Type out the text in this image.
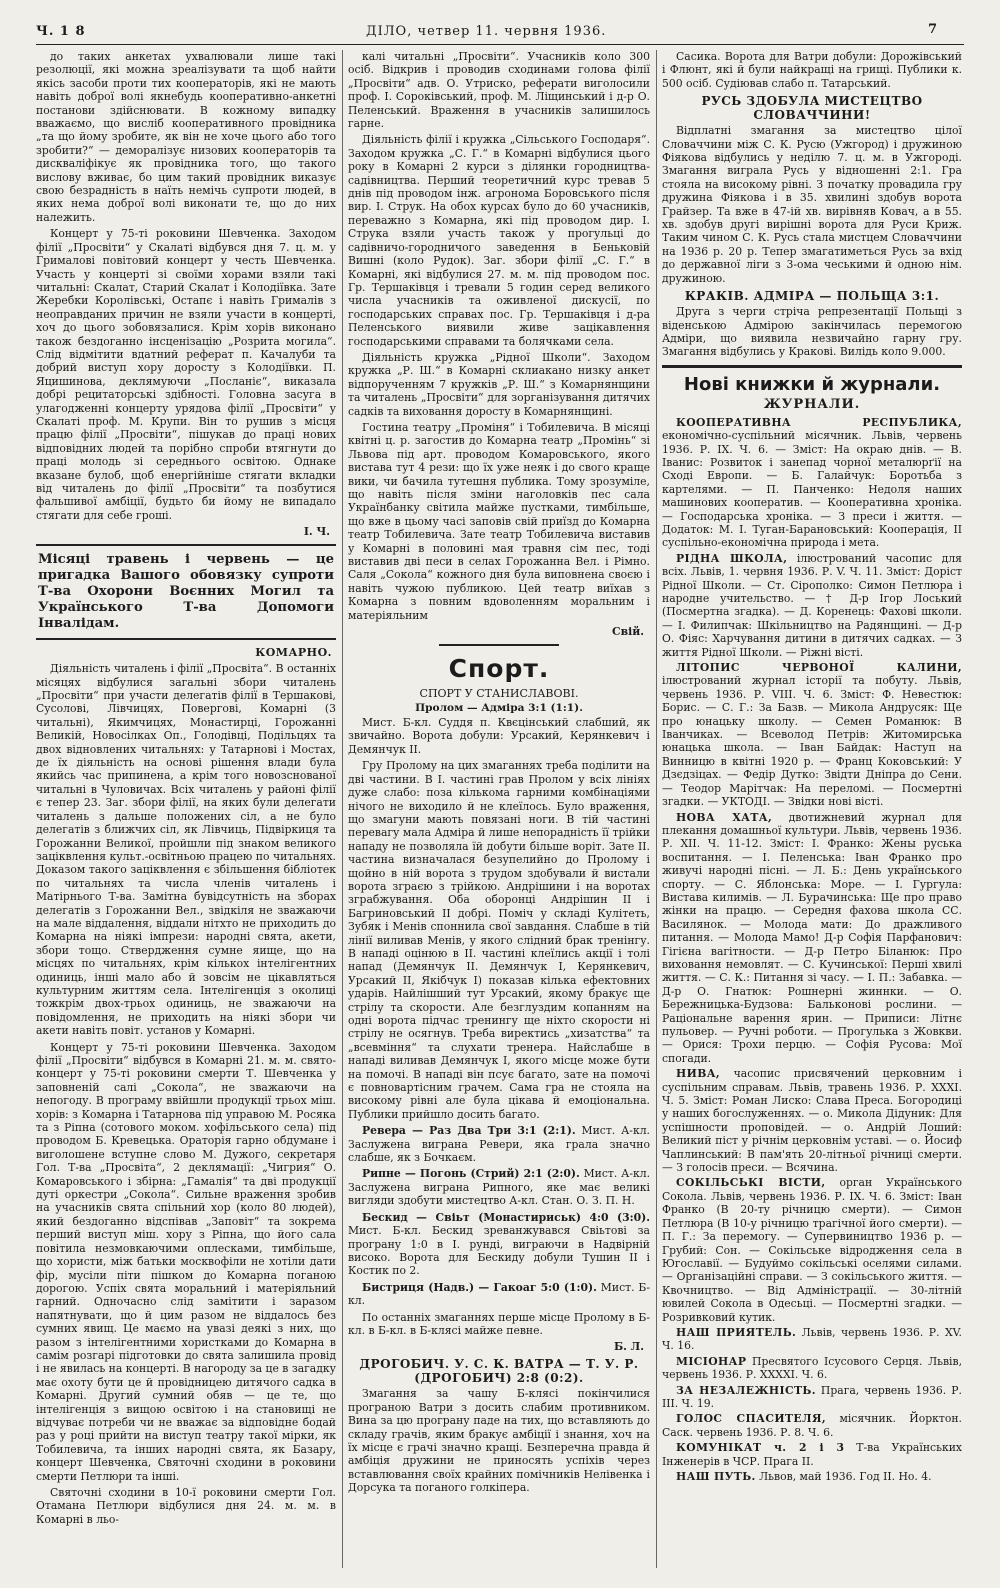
Ч. 1 8	ДІЛО, четвер 11. червня 1936.	7

до таких анкетах ухвалювали лише такі резолюції, які можна зреалізувати та щоб найти якісь засоби проти тих кооператорів, які не мають навіть доброї волі якнебудь кооперативно-анкетні постанови здійснювати. В кожному випадку вважаємо, що висліб кооперативного провідника „та що йому зробите, як він не хоче цього або того зробити?“ — деморалізує низових кооператорів та дискваліфікує як провідника того, що такого вислову вживає, бо цим такий провідник виказує свою безрадність в наїть немічь супроти людей, в яких нема доброї волі виконати те, що до них належить.

Концерт у 75-ті роковини Шевченка. Заходом філії „Просвіти“ у Скалаті відбувся дня 7. ц. м. у Грималові повітовий концерт у честь Шевченка. Участь у концерті зі своїми хорами взяли такі читальні: Скалат, Старий Скалат і Колодіївка. Зате Жеребки Королівські, Остапє і навіть Грималів з неоправданих причин не взяли участи в концерті, хоч до цього зобовязалися. Крім хорів виконано також бездоганно інсценізацію „Розрита могила“. Слід відмітити вдатний реферат п. Качалуби та добрий виступ хору доросту з Колодіївки. П. Яцишинова, деклямуючи „Посланіє“, виказала добрі рецитаторські здібності. Головна засуга в улагодженні концерту урядова філії „Просвіти“ у Скалаті проф. М. Крупи. Він то рушив з місця працю філії „Просвіти“, пішукав до праці нових відповідних людей та порібно спроби втягнути до праці молодь зі середнього освітою. Однаке вказане булоб, щоб енергійніше стягати вкладки від читалень до філії „Просвіти“ та позбутися фальшивої амбіції, будьто би йому не випадало стягати для себе гроші.

І. Ч.
Місяці травень і червень — це пригадка Вашого обовязку супроти Т-ва Охорони Воєнних Могил та Українського Т-ва Допомоги Інвалідам.
КОМАРНО.

Діяльність читалень і філії „Просвіта“. В останніх місяцях відбулися загальні збори читалень „Просвіти“ при участи делегатів філії в Тершаковi, Сусолові, Лівчицях, Поверговi, Комарні (3 читальні), Якимчицях, Монастирці, Горожанні Великій, Новосілках Оп., Голодівці, Подільцях та двох відновлених читальнях: у Татарнові і Мостах, де їх діяльність на основі рішення влади була якийсь час припинена, а крім того новозснованої читальні в Чуловичах. Всіх читалень у районі філії є тепер 23. Заг. збори філії, на яких були делегати читалень з дальше положених сіл, а не було делегатів з ближчих сіл, як Лівчиць, Підвіркиця та Горожанни Великої, пройшли під знаком великого заціквлення культ.-освітньою працею по читальнях. Доказом такого заціквлення є збільшення бібліотек по читальнях та числа членів читалень і Матірнього Т-ва. Замітна бувідсутність на зборах делегатів з Горожанни Вел., звідкіля не зважаючи на мале віддалення, віддали нітхто не приходить до Комарна на ніякі імпрези: народні свята, акети, збори тощо. Ствердження сумне яище, що на місцях по читальнях, крім кількох інтелігентних одиниць, інші мало або й зовсім не цікавляться культурним життям села. Інтелігенція з околиці тожкрім двох-трьох одиниць, не зважаючи на повідомлення, не приходить на ніякі збори чи акети навіть повіт. установ у Комарні.

Концерт у 75-ті роковини Шевченка. Заходом філії „Просвіти“ відбувся в Комарні 21. м. м. свято-концерт у 75-ті роковини смерти Т. Шевченка у заповненій салі „Сокола“, не зважаючи на непогоду. В програму ввійшли продукції трьох міш. хорів: з Комарна і Татарнова під управою М. Росяка та з Ріпна (сотового моком. хофільського села) під проводом Б. Кревецька. Ораторія гарно обдумане і виголошене вступне слово М. Дужого, секретаря Гол. Т-ва „Просвіта“, 2 деклямації: „Чигрия“ О. Комаровського і збірна: „Гамалія“ та дві продукції дуті оркестри „Сокола“. Сильне враження зробив на учасників свята спільний хор (коло 80 людей), який бездоганно відспівав „Заповіт“ та зокрема перший виступ міш. хору з Ріпна, що його сала повітила незмовкаючими оплесками, тимбільше, що хористи, між батьки москвофіли не хотіли дати фір, мусіли піти пішком до Комарна поганою дорогою. Успіх свята моральний і матеріяльний гарний. Одночасно слід замітити і заразом напятнувати, що й цим разом не віддалось без сумних явищ. Це маємо на увазі деякі з них, що разом з інтелігентними хористками до Комарна в самім розгарі підготовки до свята залишила провід і не явилась на концерті. В нагороду за це в загадку має охоту бути це й провідницею дитячого садка в Комарні. Другий сумний обяв — це те, що інтелігенція з вищою освітою і на становищі не відчуває потреби чи не вважає за відповідне бодай раз у році прийти на виступ театру такої мірки, як Тобилевича, та інших народні свята, як Базару, концерт Шевченка, Святочні сходини в роковини смерти Петлюри та інші.

Святочні сходини в 10-ї роковини смерти Гол. Отамана Петлюри відбулися дня 24. м. м. в Комарні в льо-

калі читальні „Просвіти“. Учасників коло 300 осіб. Відкрив і проводив сходинами голова філії „Просвіти“ адв. О. Утриско, реферати виголосили проф. І. Сороківський, проф. М. Ліщинський і д-р О. Пеленський. Враження в учасників залишилось гарне.

Діяльність філії і кружка „Сільського Господаря“. Заходом кружка „С. Г.“ в Комарні відбулися цього року в Комарні 2 курси з ділянки городництва-садівництва. Перший теоретичний курс тревав 5 днів під проводом інж. агронома Боровського після вир. І. Струк. На обох курсах було до 60 учасників, переважно з Комарна, які під проводом дир. І. Струка взяли участь також у прогульці до садівничо-городничого заведення в Беньковій Вишні (коло Рудок). Заг. збори філії „С. Г.“ в Комарні, які відбулися 27. м. м. під проводом пос. Гр. Тершаківця і тревали 5 годин серед великого числа учасників та оживленої дискусії, по господарських справах пос. Гр. Тершаківця і д-ра Пеленського виявили живе зацікавлення господарськими справами та болячками села.

Діяльність кружка „Рідної Школи“. Заходом кружка „Р. Ш.“ в Комарні склиакано низку анкет відпорученням 7 кружків „Р. Ш.“ з Комарнянщини та читалень „Просвіти“ для зорганізування дитячих садків та виховання доросту в Комарнянщині.

Гостина театру „Проміня“ і Тобилевича. В місяці квітні ц. р. загостив до Комарна театр „Промінь“ зі Львова під арт. проводом Комаровського, якого вистава тут 4 рези: що їх уже неяк і до свого краще вики, чи бачила тутешня публика. Тому зрозуміле, що навіть після зміни наголовків пес сала Українбанку світила майже пустками, тимбільше, що вже в цьому часі заповів свій приїзд до Комарна театр Тобилевича. Зате театр Тобилевича виставив у Комарні в половині мая травня сім пес, тоді виставив дві пеcи в селах Горожанна Вел. і Рімно. Саля „Сокола“ кожного дня була виповнена своєю і навіть чужою публикою. Цей театр виїхав з Комарна з повним вдоволенням моральним і матеріяльним

Свій.
Спорт.
СПОРТ У СТАНИСЛАВОВІ.
Пролом — Адміра 3:1 (1:1).

Мист. Б-кл. Суддя п. Квєцінський слабший, як звичайно. Ворота добули: Урсакий, Керянкевич і Демянчук II.

Гру Пролому на цих змаганнях треба поділити на дві частини. В І. частині грав Пролом у всіх лініях дуже слабо: поза кількома гарними комбінаціями нічого не виходило й не клеїлось. Було враження, що змагуни мають повязані ноги. В тій частині перевагу мала Адміра й лише непорадність її трійки нападу не позволяла їй добути більше воріт. Зате II. частина визначалася безупелийно до Пролому і щойно в ній ворота з трудом здобували й вистали ворота зграєю з трійкою. Андрішини і на воротах зграбжування. Оба оборонці Андрішин II і Багриновський II добрі. Поміч у складі Кулітеть, Зубяк і Менів споннила свої завдання. Слабше в тій лінії виливав Менів, у якого слідний брак тренінгу. В нападі оцінюю в II. частині клеїлись акції і толі напад (Демянчук II. Демянчук I, Керянкевич, Урсакий II, Якібчук I) показав кілька ефектовних ударів. Найлішший тут Урсакий, якому бракує ще стрілу та скорости. Але безглуздим копанням на одні ворота підчас тренингу ще ніхто скорости ні стрілу не осягнув. Треба виректись „хизатства“ та „всевміння“ та слухати тренера. Найслабше в нападі виливав Демянчук I, якого місце може бути на помочі. В нападі він псує багато, зате на помочі є повновартісним грачем. Сама гра не стояла на високому рівні але була цікава й емоціональна. Публики прийшло досить багато.

Ревера — Раз Два Три 3:1 (2:1). Мист. А-кл. Заслужена виграна Ревери, яка грала значно слабше, як з Бочкаєм.

Рипне — Погонь (Стрий) 2:1 (2:0). Мист. А-кл. Заслужена виграна Рипного, яке має великі вигляди здобути мистецтво А-кл. Стан. О. З. П. Н.

Бескид — Свіьт (Монастириськ) 4:0 (3:0). Мист. Б-кл. Бескид зреванжувався Свіьтові за програну 1:0 в І. рунді, виграючи в Надвірній високо. Ворота для Бескиду добули Тушин II і Костик по 2.

Бистриця (Надв.) — Гакоаг 5:0 (1:0). Мист. Б-кл.

По останніх змаганнях перше місце Пролому в Б-кл. в Б-кл. в Б-клясі майже певне.

Б. Л.
ДРОГОБИЧ. У. С. К. ВАТРА — Т. У. Р. (ДРОГОБИЧ) 2:8 (0:2).

Змагання за чашу Б-клясі покінчилися програною Ватри з досить слабим противником. Вина за цю програну паде на тих, що вставляють до складу грачів, яким бракує амбіції і знання, хоч на їх місце є грачі значно кращі. Безперечна правда й амбіція дружини не приносять успіхів через вставлювання своїх крайних помічників Нелівенка і Дорсука та поганого голкіпера.

Сасика. Ворота для Ватри добули: Дорожівський і Флюнт, які й були найкращі на грищі. Публики к. 500 осіб. Судіював слабо п. Татарський.

РУСЬ ЗДОБУЛА МИСТЕЦТВО СЛОВАЧЧИНИ!

Відплатні змагання за мистецтво цілої Словаччини між С. К. Русю (Ужгород) і дружиною Фіякова відбулись у неділю 7. ц. м. в Ужгороді. Змагання виграла Русь у відношенні 2:1. Гра стояла на високому рівні. З початку провадила гру дружина Фіякова і в 35. хвилині здобув ворота Грайзер. Та вже в 47-ій хв. вирівняв Ковач, а в 55. хв. здобув другі вирішні ворота для Руси Криж. Таким чином С. К. Русь стала мистцем Словаччини на 1936 р. 20 р. Тепер змагатиметься Русь за вхід до державної ліги з 3-ома чеськими й одною нім. дружиною.

КРАКІВ. АДМІРА — ПОЛЬЩА 3:1.

Друга з черги стріча репрезентації Польщі з віденською Адмірою закінчилась перемогою Адміри, що виявила незвичайно гарну гру. Змагання відбулись у Кракові. Вилідь коло 9.000.

Нові книжки й журнали.
ЖУРНАЛИ.
КООПЕРАТИВНА РЕСПУБЛИКА, економічно-суспільний місячник. Львів, червень 1936. Р. IX. Ч. 6. — Зміст: На окраю днів. — В. Іванис: Розвиток і занепад чорної металюрґії на Сході Европи. — Б. Галайчук: Боротьба з картелями. — П. Панченко: Недоля наших машинових кооператив. — Кооперативна хроніка. — Господарська хроніка. — З преси і життя. — Додаток: М. І. Туган-Барановський: Кооперація, II суспільно-економічна природа і мета.
РІДНА ШКОЛА, ілюстрований часопис для всіх. Львів, 1. червня 1936. Р. V. Ч. 11. Зміст: Доріст Рідної Школи. — Ст. Сірополко: Симон Петлюра і народне учительство. — † Д-р Ігор Лоський (Посмертна згадка). — Д. Коренець: Фахові школи. — І. Филипчак: Шкільництво на Радянщині. — Д-р О. Фіяс: Харчування дитини в дитячих садках. — З життя Рідної Школи. — Ріжні вісті.
ЛІТОПИС ЧЕРВОНОЇ КАЛИНИ, ілюстрований журнал історії та побуту. Львів, червень 1936. Р. VIII. Ч. 6. Зміст: Ф. Невестюк: Борис. — С. Г.: За Базв. — Микола Андрусяк: Ще про юнацьку школу. — Семен Романюк: В Іванчиках. — Всеволод Петрів: Житомирська юнацька школа. — Іван Байдак: Наступ на Винницю в квітні 1920 р. — Франц Коковський: У Дзєдзіцах. — Федір Дутко: Звідти Дніпра до Сени. — Теодор Марітчак: На переломі. — Посмертні згадки. — УКТОДІ. — Звідки нові вісті.
НОВА ХАТА, двотижневий журнал для плекання домашньої культури. Львів, червень 1936. Р. XII. Ч. 11-12. Зміст: І. Франко: Жены руська воспитання. — І. Пеленська: Іван Франко про живучі народні пісні. — Л. Б.: День українського спорту. — С. Яблонська: Море. — І. Гургула: Вистава килимів. — Л. Бурачинська: Ще про право жінки на працю. — Середня фахова школа СС. Василянок. — Молода мати: До дражливого питання. — Молода Мамо! Д-р Софія Парфанович: Гігієна вагітности. — Д-р Петро Біланюк: Про виховання немовлят. — С. Кучинської: Перші хвилі життя. — С. К.: Питання зі часу. — І. П.: Забавка. — Д-р О. Гнатюк: Рошнерні жиннки. — О. Бережницька-Будзова: Бальконові рослини. — Раціональне варення ярин. — Приписи: Літнє пульовер. — Ручні роботи. — Прогулька з Жовкви. — Орися: Трохи перцю. — Софія Русова: Мої спогади.
НИВА, часопис присвячений церковним і суспільним справам. Львів, травень 1936. Р. XXXI. Ч. 5. Зміст: Роман Лиско: Слава Преса. Богородиці у наших богослуженнях. — о. Микола Дідуник: Для успішности проповідей. — о. Андрій Лоший: Великий піст у річнім церковнім уставі. — о. Йосиф Чаплинський: В пам'ять 20-літньої річниці смерти. — З голосів преси. — Всячина.
СОКІЛЬСЬКІ ВІСТИ, орган Українського Сокола. Львів, червень 1936. Р. IX. Ч. 6. Зміст: Іван Франко (В 20-ту річницю смерти). — Симон Петлюра (В 10-у річницю трагічної його смерти). — П. Г.: За перемогу. — Супервиництво 1936 р. — Грубий: Сон. — Сокільське відродження села в Югославії. — Будуймо сокільські оселями силами. — Організаційні справи. — З сокільського життя. — Квочництво. — Від Адміністрації. — 30-літній ювилей Сокола в Одесьці. — Посмертні згадки. — Розривковий кутик.
НАШ ПРИЯТЕЛЬ. Львів, червень 1936. Р. XV. Ч. 16.
МІСІОНАР Пресвятого Ісусового Серця. Львів, червень 1936. Р. XXXXI. Ч. 6.
ЗА НЕЗАЛЕЖНІСТЬ. Прага, червень 1936. Р. III. Ч. 19.
ГОЛОС СПАСИТЕЛЯ, місячник. Йорктон. Саск. червень 1936. Р. 8. Ч. 6.
КОМУНІКАТ ч. 2 і 3 Т-ва Українських Інженерів в ЧСР. Прага II.
НАШ ПУТЬ. Львов, май 1936. Год II. Но. 4.
